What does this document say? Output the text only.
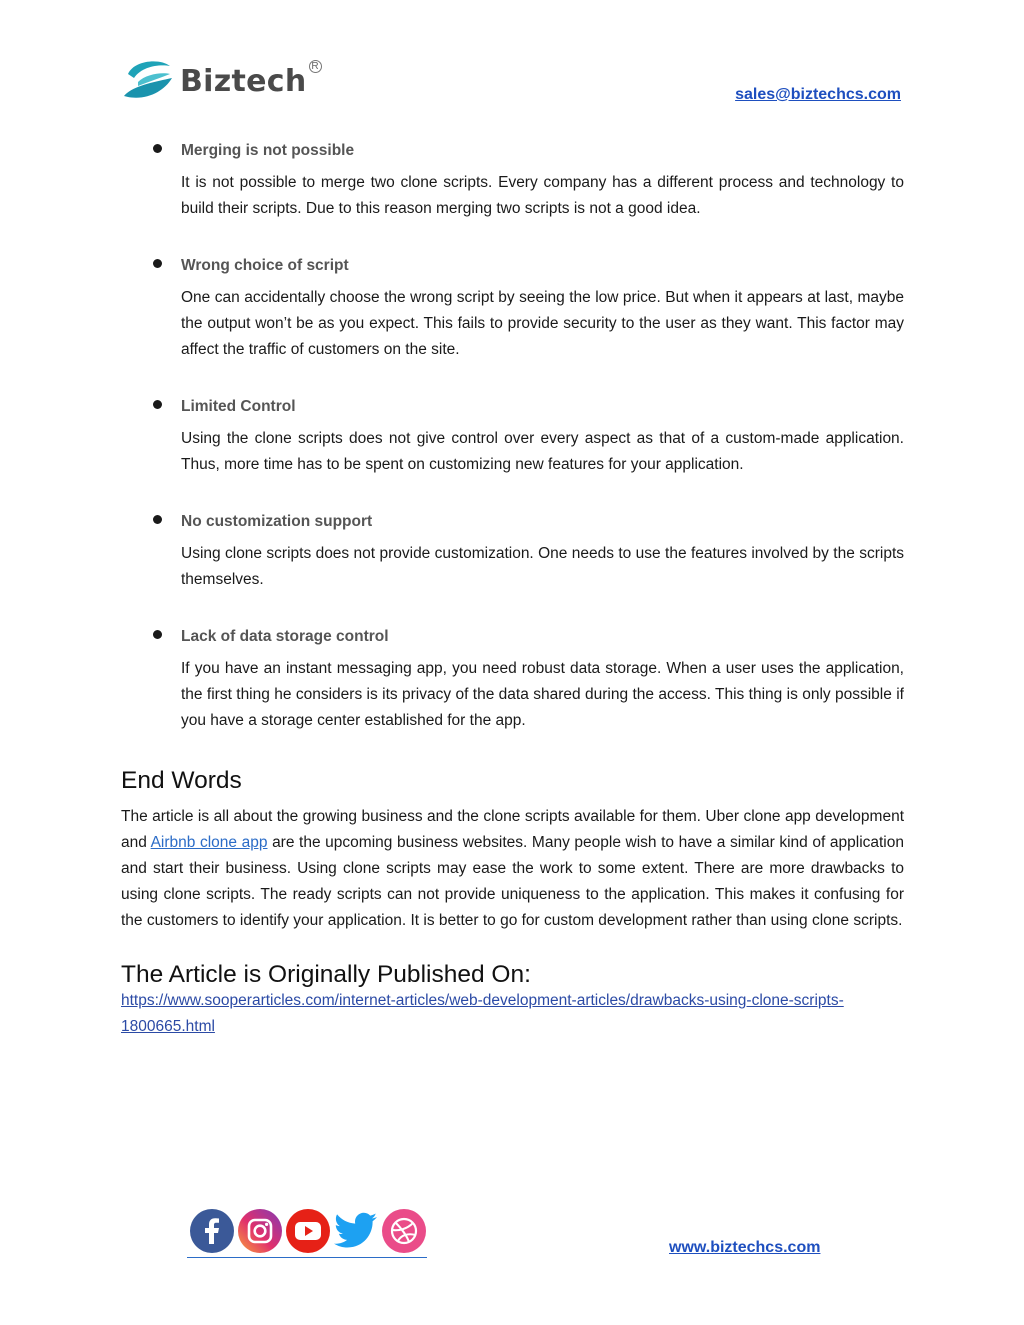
Biztech R
sales@biztechcs.com

Merging is not possible

It is not possible to merge two clone scripts. Every company has a different process and technology to build their scripts. Due to this reason merging two scripts is not a good idea.

Wrong choice of script

One can accidentally choose the wrong script by seeing the low price. But when it appears at last, maybe the output won’t be as you expect. This fails to provide security to the user as they want. This factor may affect the traffic of customers on the site.

Limited Control

Using the clone scripts does not give control over every aspect as that of a custom-made application. Thus, more time has to be spent on customizing new features for your application.

No customization support

Using clone scripts does not provide customization. One needs to use the features involved by the scripts themselves.

Lack of data storage control

If you have an instant messaging app, you need robust data storage. When a user uses the application, the first thing he considers is its privacy of the data shared during the access. This thing is only possible if you have a storage center established for the app.

End Words

The article is all about the growing business and the clone scripts available for them. Uber clone app development and Airbnb clone app are the upcoming business websites. Many people wish to have a similar kind of application and start their business. Using clone scripts may ease the work to some extent. There are more drawbacks to using clone scripts. The ready scripts can not provide uniqueness to the application. This makes it confusing for the customers to identify your application. It is better to go for custom development rather than using clone scripts.

The Article is Originally Published On:
https://www.sooperarticles.com/internet-articles/web-development-articles/drawbacks-using-clone-scripts-1800665.html
www.biztechcs.com
